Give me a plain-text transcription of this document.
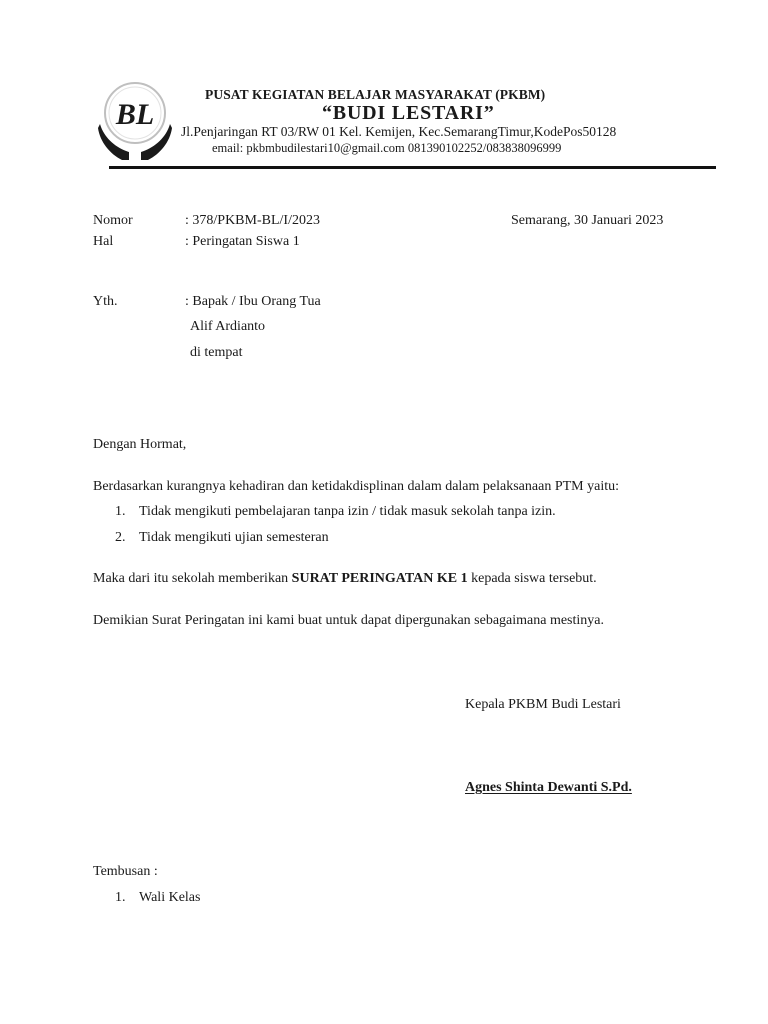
BL
PUSAT KEGIATAN BELAJAR MASYARAKAT (PKBM)
“BUDI LESTARI”
Jl.Penjaringan RT 03/RW 01 Kel. Kemijen, Kec.SemarangTimur,KodePos50128
email: pkbmbudilestari10@gmail.com 081390102252/083838096999
Nomor	: 378/PKBM-BL/I/2023	Semarang, 30 Januari 2023
Hal	: Peringatan Siswa 1
Yth.	: Bapak / Ibu Orang Tua
Alif Ardianto
di tempat
Dengan Hormat,
Berdasarkan kurangnya kehadiran dan ketidakdisplinan dalam dalam pelaksanaan PTM yaitu:
1. Tidak mengikuti pembelajaran tanpa izin / tidak masuk sekolah tanpa izin.
2. Tidak mengikuti ujian semesteran
Maka dari itu sekolah memberikan SURAT PERINGATAN KE 1 kepada siswa tersebut.
Demikian Surat Peringatan ini kami buat untuk dapat dipergunakan sebagaimana mestinya.
Kepala PKBM Budi Lestari
Agnes Shinta Dewanti S.Pd.
Tembusan :
1. Wali Kelas
